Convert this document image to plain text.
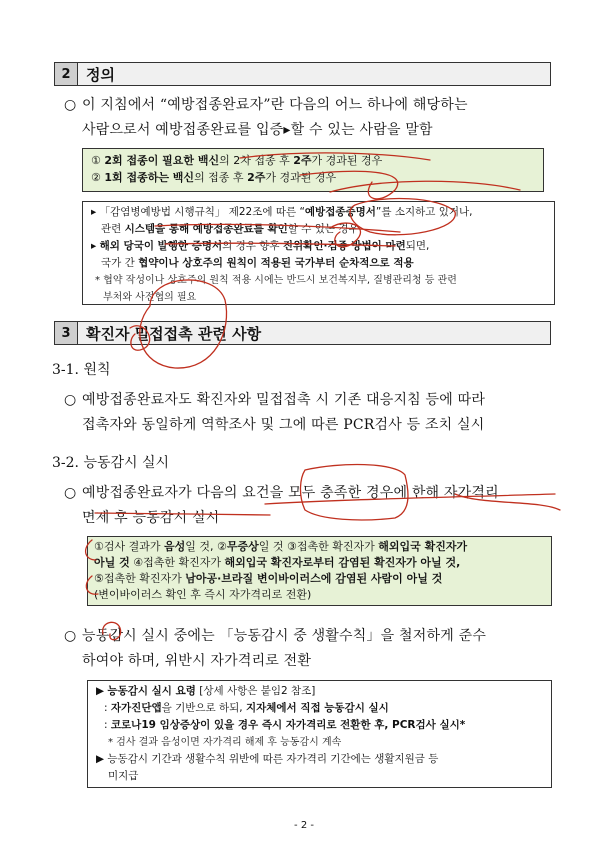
2	정의
○ 이 지침에서 “예방접종완료자”란 다음의 어느 하나에 해당하는
사람으로서 예방접종완료를 입증▸할 수 있는 사람을 말함
① 2회 접종이 필요한 백신의 2차 접종 후 2주가 경과된 경우
② 1회 접종하는 백신의 접종 후 2주가 경과된 경우
▸ 「감염병예방법 시행규칙」 제22조에 따른 “예방접종증명서”를 소지하고 있거나,
관련 시스템을 통해 예방접종완료를 확인할 수 있는 경우
▸ 해외 당국이 발행한 증명서의 경우 향후 진위확인·검증 방법이 마련되면,
국가 간 협약이나 상호주의 원칙이 적용된 국가부터 순차적으로 적용
* 협약 작성이나 상호주의 원칙 적용 시에는 반드시 보건복지부, 질병관리청 등 관련
부처와 사전협의 필요
3	확진자 밀접접촉 관련 사항
3-1. 원칙
○ 예방접종완료자도 확진자와 밀접접촉 시 기존 대응지침 등에 따라
접촉자와 동일하게 역학조사 및 그에 따른 PCR검사 등 조치 실시
3-2. 능동감시 실시
○ 예방접종완료자가 다음의 요건을 모두 충족한 경우에 한해 자가격리
면제 후 능동감시 실시
①검사 결과가 음성일 것, ②무증상일 것 ③접촉한 확진자가 해외입국 확진자가
아닐 것 ④접촉한 확진자가 해외입국 확진자로부터 감염된 확진자가 아닐 것,
⑤접촉한 확진자가 남아공·브라질 변이바이러스에 감염된 사람이 아닐 것
(변이바이러스 확인 후 즉시 자가격리로 전환)
○ 능동감시 실시 중에는 「능동감시 중 생활수칙」을 철저하게 준수
하여야 하며, 위반시 자가격리로 전환
▶ 능동감시 실시 요령 [상세 사항은 붙임2 참조]
: 자가진단앱을 기반으로 하되, 지자체에서 직접 능동감시 실시
: 코로나19 임상증상이 있을 경우 즉시 자가격리로 전환한 후, PCR검사 실시*
* 검사 결과 음성이면 자가격리 해제 후 능동감시 계속
▶ 능동감시 기간과 생활수칙 위반에 따른 자가격리 기간에는 생활지원금 등
미지급
- 2 -
